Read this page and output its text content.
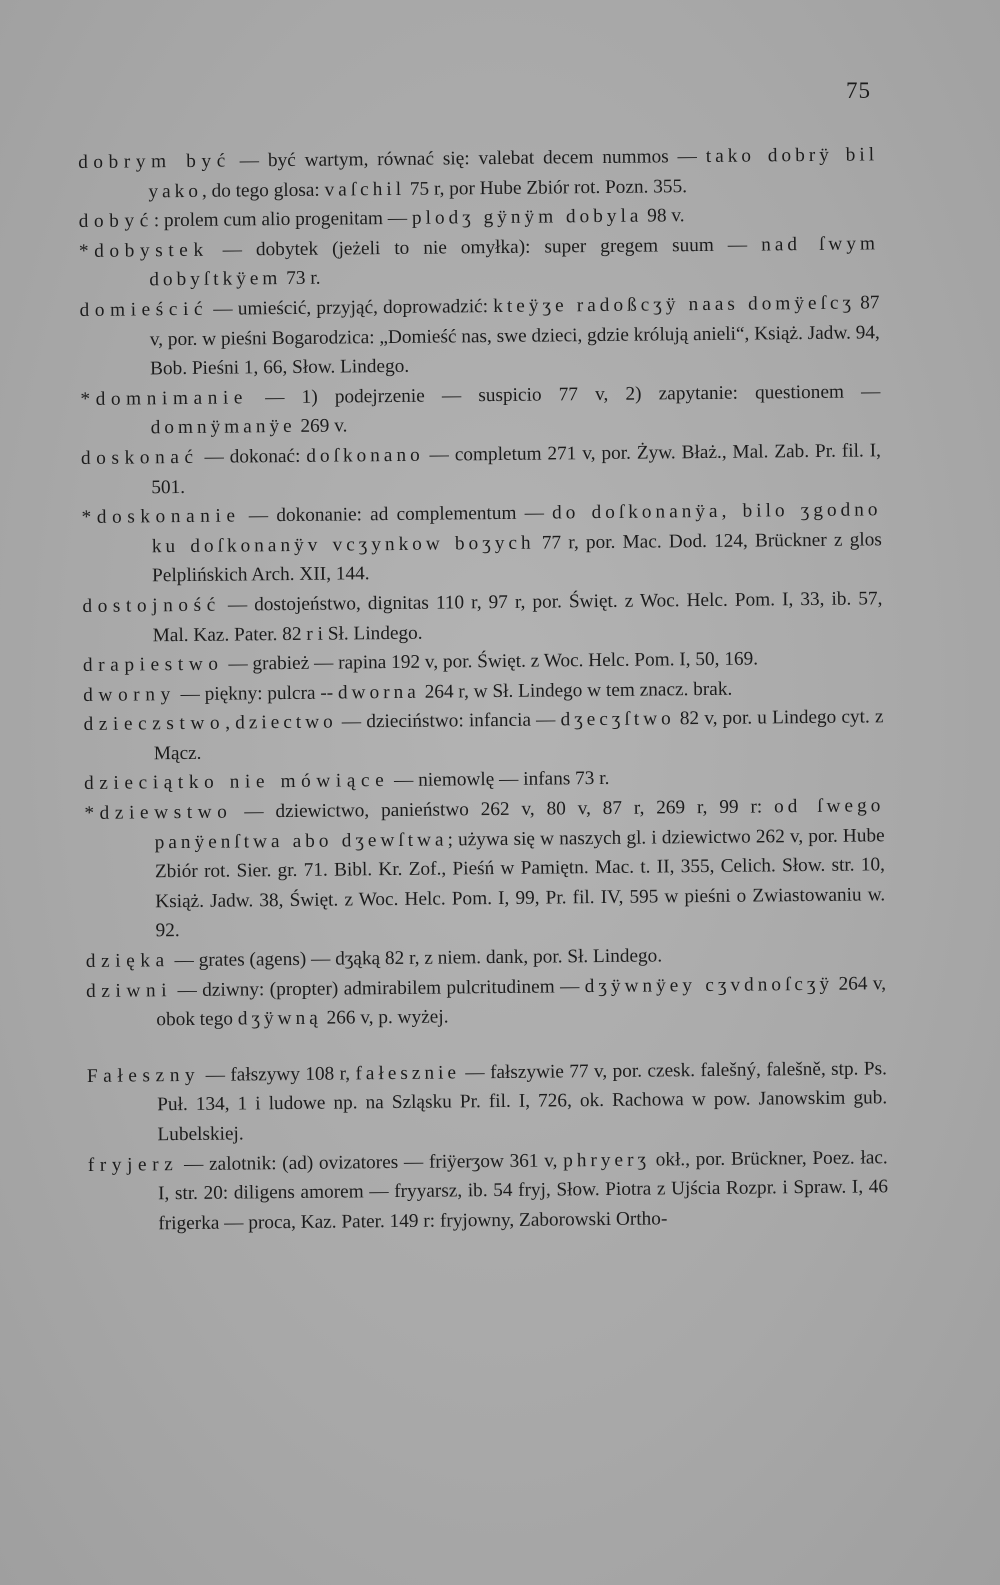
75

dobrym być — być wartym, równać się: valebat decem nummos — tako dobrÿ bil yako, do tego glosa: vaſchil 75 r, por Hube Zbiór rot. Pozn. 355.

dobyć: prolem cum alio progenitam — plodʒ gÿnÿm dobyla 98 v.

*dobystek — dobytek (jeżeli to nie omyłka): super gregem suum — nad ſwym dobyſtkÿem 73 r.

domieścić — umieścić, przyjąć, doprowadzić: kteÿʒe radoßcʒÿ naas domÿeſcʒ 87 v, por. w pieśni Bogarodzica: „Domieść nas, swe dzieci, gdzie królują anieli“, Książ. Jadw. 94, Bob. Pieśni 1, 66, Słow. Lindego.

*domnimanie — 1) podejrzenie — suspicio 77 v, 2) zapytanie: questionem — domnÿmanÿe 269 v.

doskonać — dokonać: doſkonano — completum 271 v, por. Żyw. Błaż., Mal. Zab. Pr. fil. I, 501.

*doskonanie — dokonanie: ad complementum — do doſkonanÿa, bilo ʒgodno ku doſkonanÿv vcʒynkow boʒych 77 r, por. Mac. Dod. 124, Brückner z glos Pelplińskich Arch. XII, 144.

dostojność — dostojeństwo, dignitas 110 r, 97 r, por. Święt. z Woc. Helc. Pom. I, 33, ib. 57, Mal. Kaz. Pater. 82 r i Sł. Lindego.

drapiestwo — grabież — rapina 192 v, por. Święt. z Woc. Helc. Pom. I, 50, 169.

dworny — piękny: pulcra -- dworna 264 r, w Sł. Lindego w tem znacz. brak.

dzieczstwo, dziectwo — dzieciństwo: infancia — dʒecʒſtwo 82 v, por. u Lindego cyt. z Mącz.

dzieciątko nie mówiące — niemowlę — infans 73 r.

*dziewstwo — dziewictwo, panieństwo 262 v, 80 v, 87 r, 269 r, 99 r: od ſwego panÿenſtwa abo dʒewſtwa; używa się w naszych gl. i dziewictwo 262 v, por. Hube Zbiór rot. Sier. gr. 71. Bibl. Kr. Zof., Pieśń w Pamiętn. Mac. t. II, 355, Celich. Słow. str. 10, Książ. Jadw. 38, Święt. z Woc. Helc. Pom. I, 99, Pr. fil. IV, 595 w pieśni o Zwiastowaniu w. 92.

dzięka — grates (agens) — dʒąką 82 r, z niem. dank, por. Sł. Lindego.

dziwni — dziwny: (propter) admirabilem pulcritudinem — dʒÿwnÿey cʒvdnoſcʒÿ 264 v, obok tego dʒÿwną 266 v, p. wyżej.

Fałeszny — fałszywy 108 r, fałesznie — fałszywie 77 v, por. czesk. falešný, falešně, stp. Ps. Puł. 134, 1 i ludowe np. na Szląsku Pr. fil. I, 726, ok. Rachowa w pow. Janowskim gub. Lubelskiej.

fryjerz — zalotnik: (ad) ovizatores — friÿerʒow 361 v, phryerʒ okł., por. Brückner, Poez. łac. I, str. 20: diligens amorem — fryyarsz, ib. 54 fryj, Słow. Piotra z Ujścia Rozpr. i Spraw. I, 46 frigerka — proca, Kaz. Pater. 149 r: fryjowny, Zaborowski Ortho-
